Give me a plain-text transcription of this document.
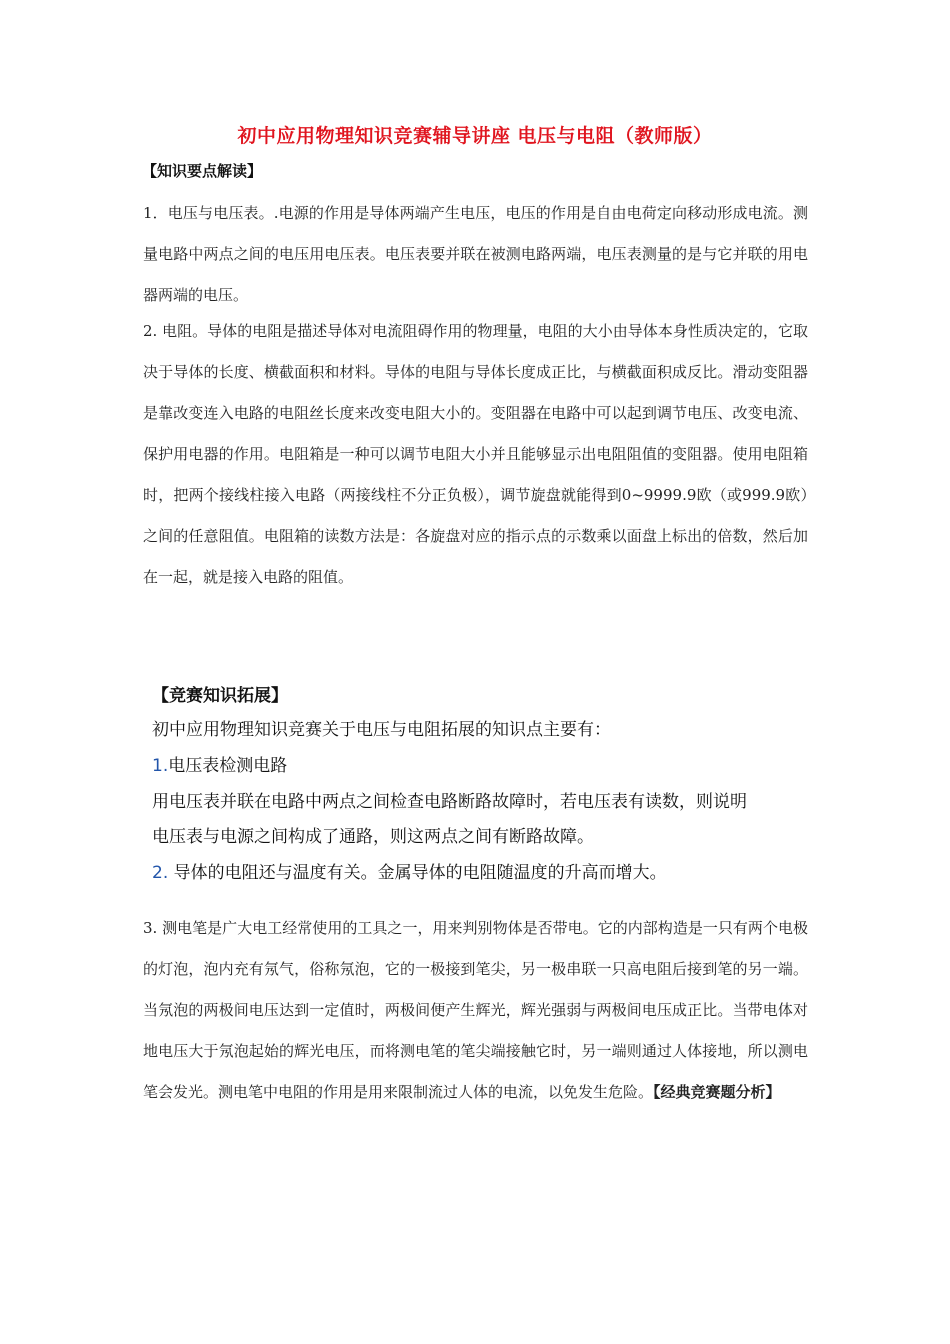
初中应用物理知识竞赛辅导讲座 电压与电阻（教师版）
【知识要点解读】

1．电压与电压表。.电源的作用是导体两端产生电压，电压的作用是自由电荷定向移动形成电流。测量电路中两点之间的电压用电压表。电压表要并联在被测电路两端，电压表测量的是与它并联的用电器两端的电压。

2. 电阻。导体的电阻是描述导体对电流阻碍作用的物理量，电阻的大小由导体本身性质决定的，它取决于导体的长度、横截面积和材料。导体的电阻与导体长度成正比，与横截面积成反比。滑动变阻器是靠改变连入电路的电阻丝长度来改变电阻大小的。变阻器在电路中可以起到调节电压、改变电流、保护用电器的作用。电阻箱是一种可以调节电阻大小并且能够显示出电阻阻值的变阻器。使用电阻箱时，把两个接线柱接入电路（两接线柱不分正负极），调节旋盘就能得到0~9999.9欧（或999.9欧）之间的任意阻值。电阻箱的读数方法是：各旋盘对应的指示点的示数乘以面盘上标出的倍数，然后加在一起，就是接入电路的阻值。

【竞赛知识拓展】
初中应用物理知识竞赛关于电压与电阻拓展的知识点主要有：
1.电压表检测电路
用电压表并联在电路中两点之间检查电路断路故障时，若电压表有读数，则说明
电压表与电源之间构成了通路，则这两点之间有断路故障。
2. 导体的电阻还与温度有关。金属导体的电阻随温度的升高而增大。

3. 测电笔是广大电工经常使用的工具之一，用来判别物体是否带电。它的内部构造是一只有两个电极的灯泡，泡内充有氖气，俗称氖泡，它的一极接到笔尖，另一极串联一只高电阻后接到笔的另一端。当氖泡的两极间电压达到一定值时，两极间便产生辉光，辉光强弱与两极间电压成正比。当带电体对地电压大于氖泡起始的辉光电压，而将测电笔的笔尖端接触它时，另一端则通过人体接地，所以测电笔会发光。测电笔中电阻的作用是用来限制流过人体的电流，以免发生危险。【经典竞赛题分析】
